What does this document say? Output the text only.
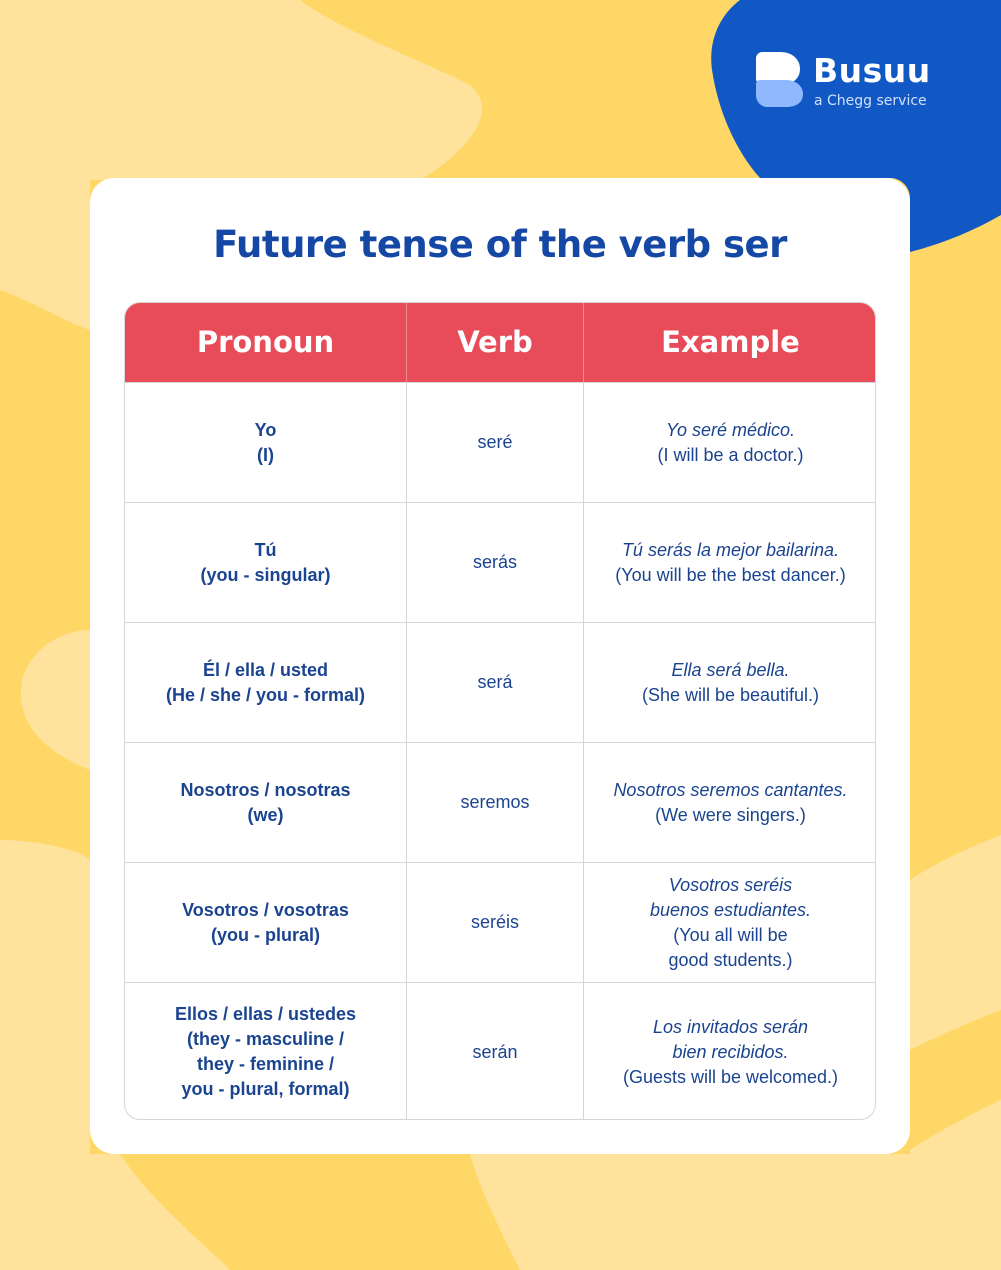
Busuu
a Chegg service
Future tense of the verb ser
Pronoun	Verb	Example
Yo
(I)
seré
Yo seré médico.
(I will be a doctor.)
Tú
(you - singular)
serás
Tú serás la mejor bailarina.
(You will be the best dancer.)
Él / ella / usted
(He / she / you - formal)
será
Ella será bella.
(She will be beautiful.)
Nosotros / nosotras
(we)
seremos
Nosotros seremos cantantes.
(We were singers.)
Vosotros / vosotras
(you - plural)
seréis
Vosotros seréis
buenos estudiantes.
(You all will be
good students.)
Ellos / ellas / ustedes
(they - masculine /
they - feminine /
you - plural, formal)
serán
Los invitados serán
bien recibidos.
(Guests will be welcomed.)
